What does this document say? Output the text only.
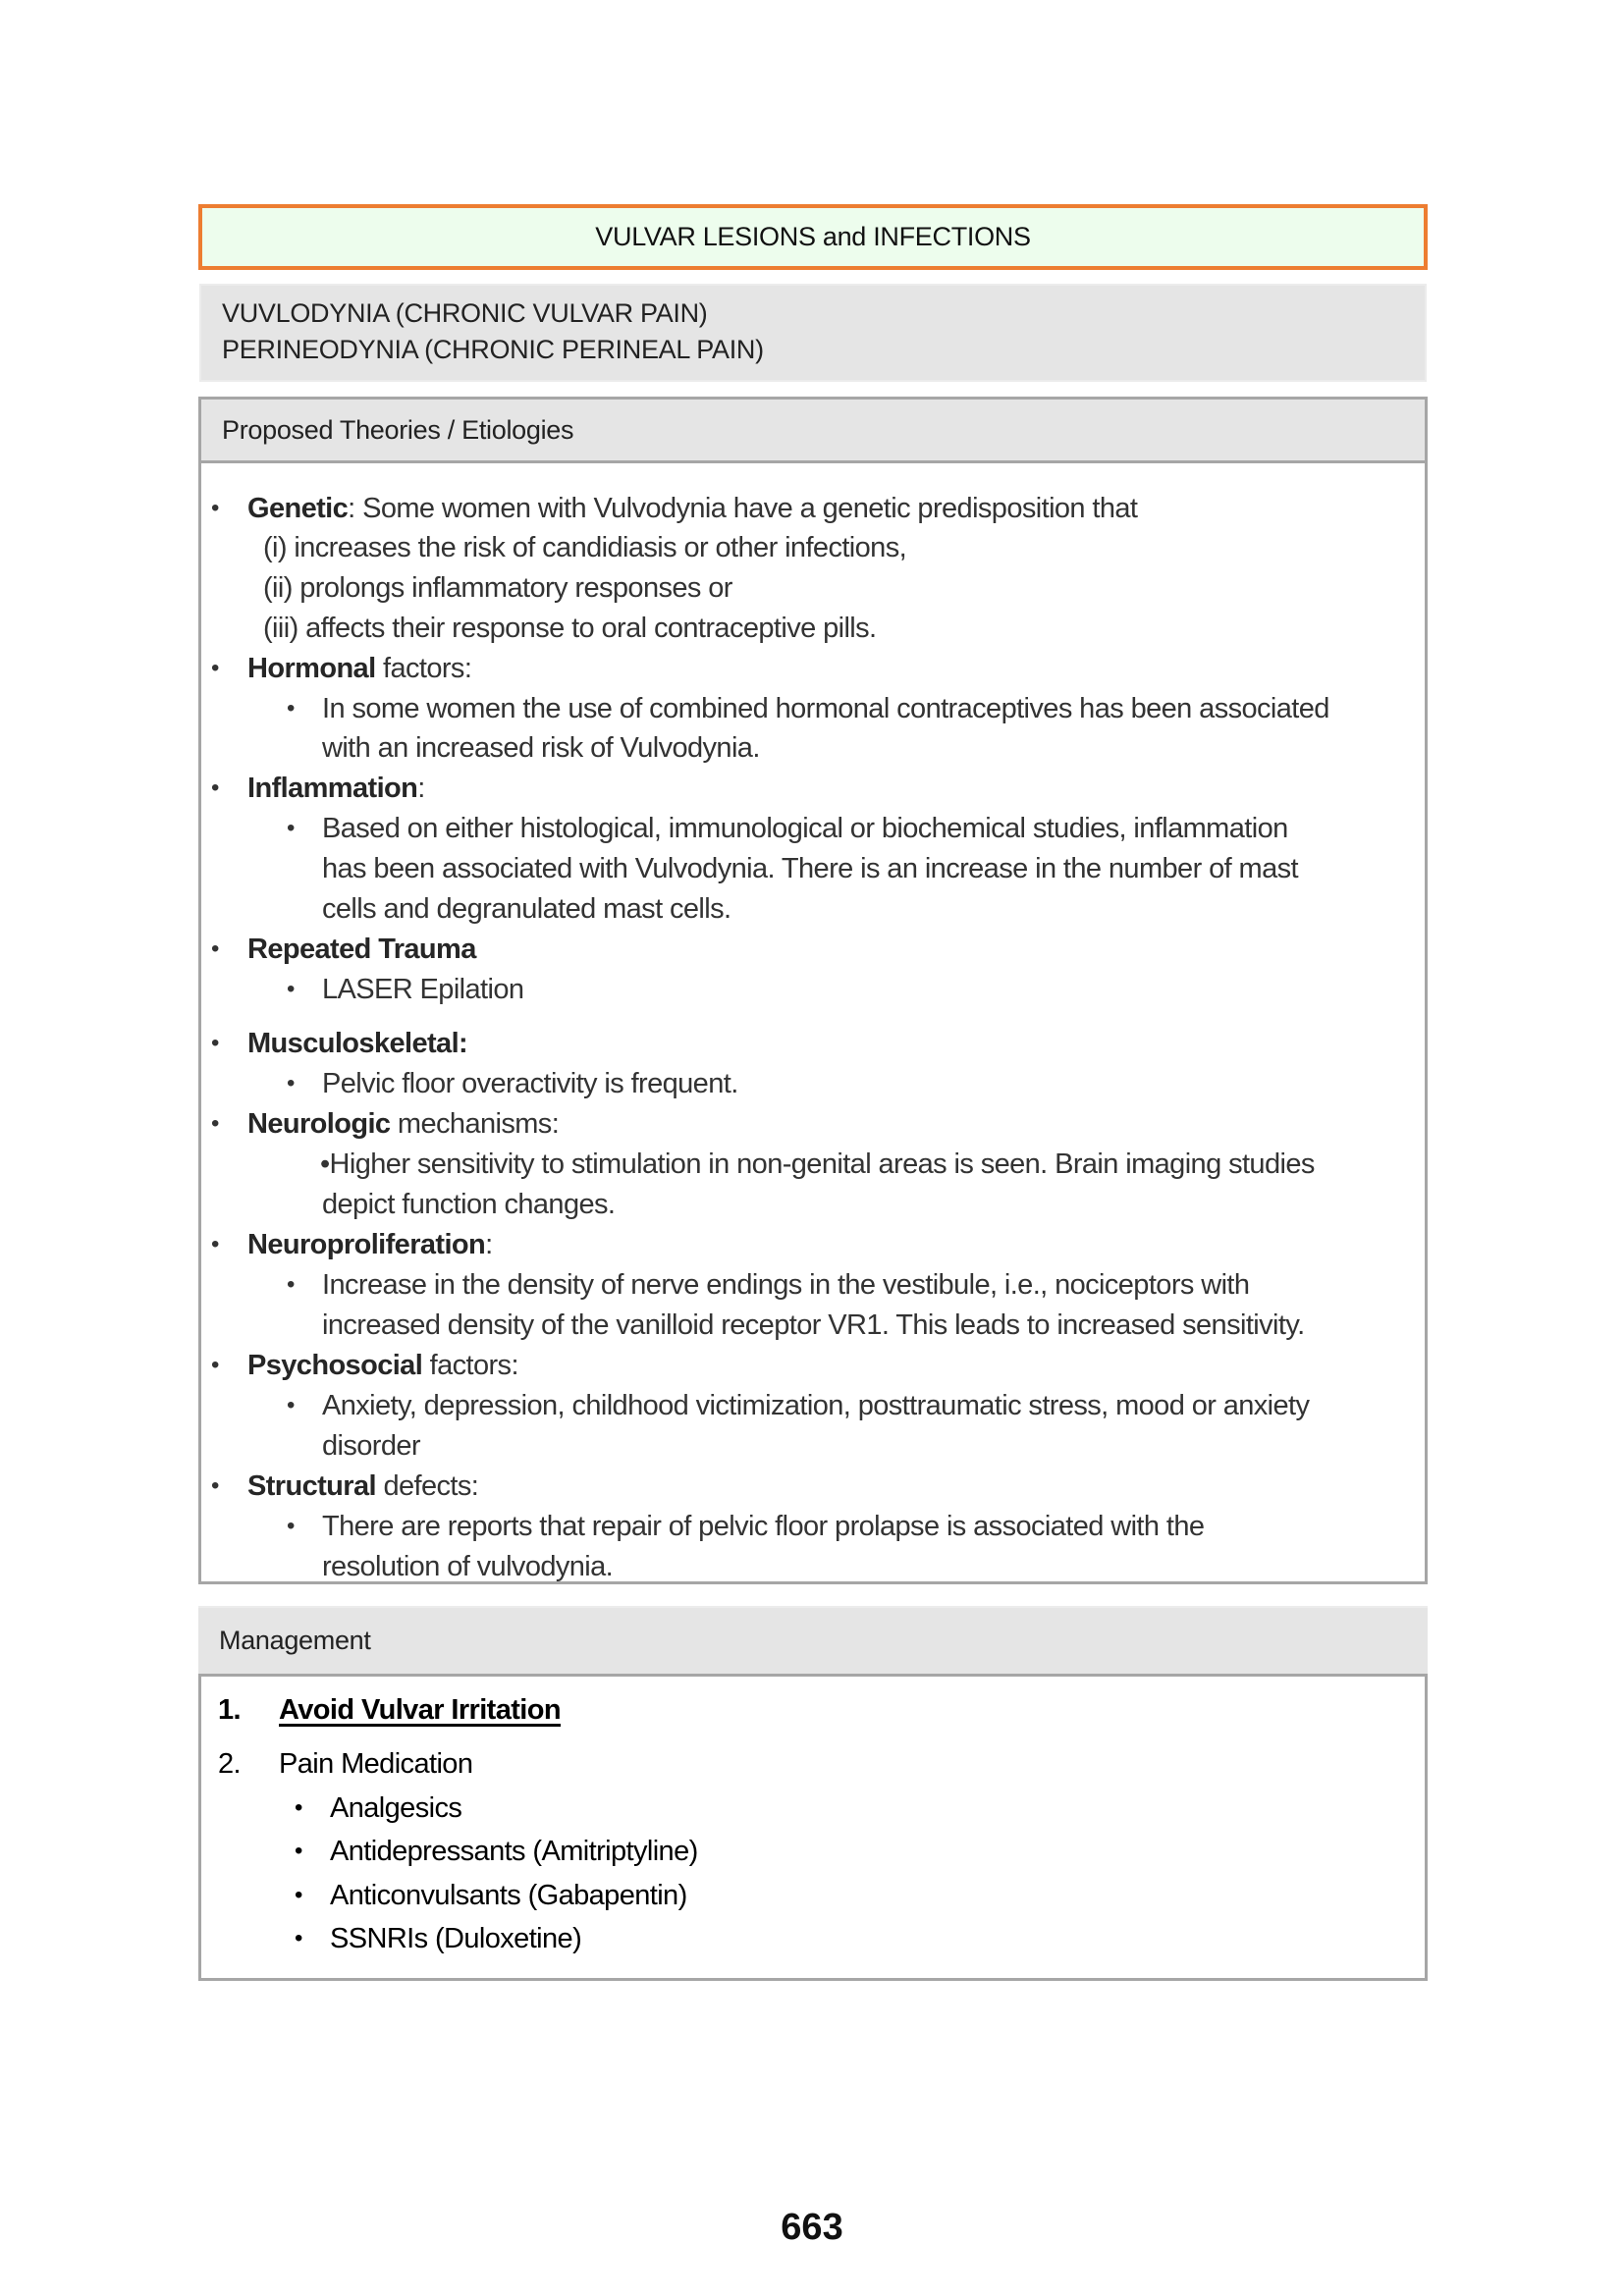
VULVAR LESIONS and INFECTIONS
VUVLODYNIA (CHRONIC VULVAR PAIN)
PERINEODYNIA (CHRONIC PERINEAL PAIN)
Proposed Theories / Etiologies
• Genetic: Some women with Vulvodynia have a genetic predisposition that
(i) increases the risk of candidiasis or other infections,
(ii) prolongs inflammatory responses or
(iii) affects their response to oral contraceptive pills.
• Hormonal factors:
• In some women the use of combined hormonal contraceptives has been associated
with an increased risk of Vulvodynia.
• Inflammation:
• Based on either histological, immunological or biochemical studies, inflammation
has been associated with Vulvodynia. There is an increase in the number of mast
cells and degranulated mast cells.
• Repeated Trauma
• LASER Epilation
• Musculoskeletal:
• Pelvic floor overactivity is frequent.
• Neurologic mechanisms:
•Higher sensitivity to stimulation in non-genital areas is seen. Brain imaging studies
depict function changes.
• Neuroproliferation:
• Increase in the density of nerve endings in the vestibule, i.e., nociceptors with
increased density of the vanilloid receptor VR1. This leads to increased sensitivity.
• Psychosocial factors:
• Anxiety, depression, childhood victimization, posttraumatic stress, mood or anxiety
disorder
• Structural defects:
• There are reports that repair of pelvic floor prolapse is associated with the
resolution of vulvodynia.
Management
1. Avoid Vulvar Irritation
2. Pain Medication
• Analgesics
• Antidepressants (Amitriptyline)
• Anticonvulsants (Gabapentin)
• SSNRIs (Duloxetine)
663
